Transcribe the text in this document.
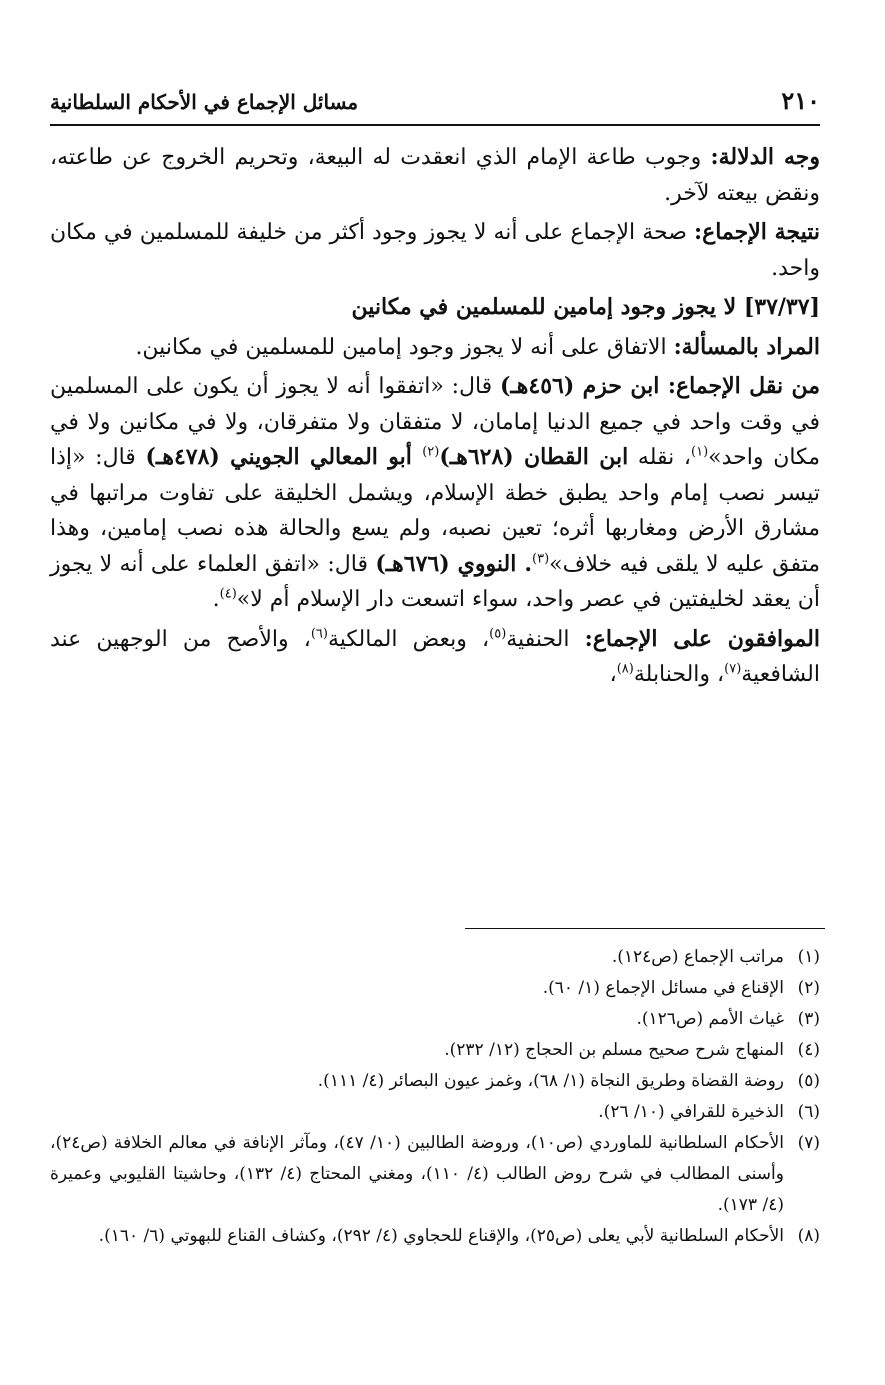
٢١٠
مسائل الإجماع في الأحكام السلطانية

وجه الدلالة: وجوب طاعة الإمام الذي انعقدت له البيعة، وتحريم الخروج عن طاعته، ونقض بيعته لآخر.

نتيجة الإجماع: صحة الإجماع على أنه لا يجوز وجود أكثر من خليفة للمسلمين في مكان واحد.

[٣٧/٣٧] لا يجوز وجود إمامين للمسلمين في مكانين

المراد بالمسألة: الاتفاق على أنه لا يجوز وجود إمامين للمسلمين في مكانين.

من نقل الإجماع: ابن حزم (٤٥٦هـ) قال: «اتفقوا أنه لا يجوز أن يكون على المسلمين في وقت واحد في جميع الدنيا إمامان، لا متفقان ولا متفرقان، ولا في مكانين ولا في مكان واحد»$^{(١)}$، نقله ابن القطان (٦٢٨هـ)$^{(٢)}$ أبو المعالي الجويني (٤٧٨هـ) قال: «إذا تيسر نصب إمام واحد يطبق خطة الإسلام، ويشمل الخليقة على تفاوت مراتبها في مشارق الأرض ومغاربها أثره؛ تعين نصبه، ولم يسع والحالة هذه نصب إمامين، وهذا متفق عليه لا يلقى فيه خلاف»$^{(٣)}$. النووي (٦٧٦هـ) قال: «اتفق العلماء على أنه لا يجوز أن يعقد لخليفتين في عصر واحد، سواء اتسعت دار الإسلام أم لا»$^{(٤)}$.

الموافقون على الإجماع: الحنفية$^{(٥)}$، وبعض المالكية$^{(٦)}$، والأصح من الوجهين عند الشافعية$^{(٧)}$، والحنابلة$^{(٨)}$،

(١)
مراتب الإجماع (ص١٢٤).
(٢)
الإقناع في مسائل الإجماع (١/ ٦٠).
(٣)
غياث الأمم (ص١٢٦).
(٤)
المنهاج شرح صحيح مسلم بن الحجاج (١٢/ ٢٣٢).
(٥)
روضة القضاة وطريق النجاة (١/ ٦٨)، وغمز عيون البصائر (٤/ ١١١).
(٦)
الذخيرة للقرافي (١٠/ ٢٦).
(٧)
الأحكام السلطانية للماوردي (ص١٠)، وروضة الطالبين (١٠/ ٤٧)، ومآثر الإنافة في معالم الخلافة (ص٢٤)، وأسنى المطالب في شرح روض الطالب (٤/ ١١٠)، ومغني المحتاج (٤/ ١٣٢)، وحاشيتا القليوبي وعميرة (٤/ ١٧٣).
(٨)
الأحكام السلطانية لأبي يعلى (ص٢٥)، والإقناع للحجاوي (٤/ ٢٩٢)، وكشاف القناع للبهوتي (٦/ ١٦٠).
